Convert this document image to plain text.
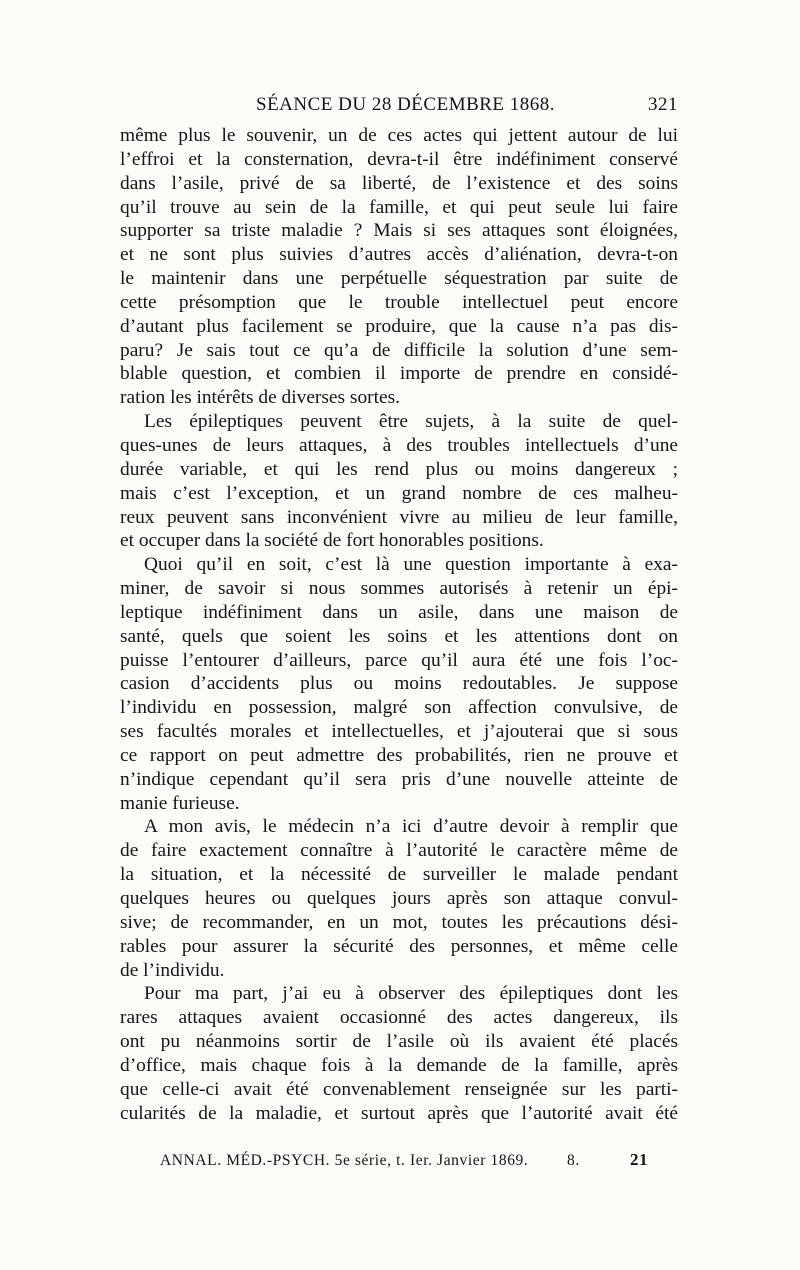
SÉANCE DU 28 DÉCEMBRE 1868.	321
même plus le souvenir, un de ces actes qui jettent autour de lui
l’effroi et la consternation, devra-t-il être indéfiniment conservé
dans l’asile, privé de sa liberté, de l’existence et des soins
qu’il trouve au sein de la famille, et qui peut seule lui faire
supporter sa triste maladie ? Mais si ses attaques sont éloignées,
et ne sont plus suivies d’autres accès d’aliénation, devra-t-on
le maintenir dans une perpétuelle séquestration par suite de
cette présomption que le trouble intellectuel peut encore
d’autant plus facilement se produire, que la cause n’a pas dis-
paru? Je sais tout ce qu’a de difficile la solution d’une sem-
blable question, et combien il importe de prendre en considé-
ration les intérêts de diverses sortes.
Les épileptiques peuvent être sujets, à la suite de quel-
ques-unes de leurs attaques, à des troubles intellectuels d’une
durée variable, et qui les rend plus ou moins dangereux ;
mais c’est l’exception, et un grand nombre de ces malheu-
reux peuvent sans inconvénient vivre au milieu de leur famille,
et occuper dans la société de fort honorables positions.
Quoi qu’il en soit, c’est là une question importante à exa-
miner, de savoir si nous sommes autorisés à retenir un épi-
leptique indéfiniment dans un asile, dans une maison de
santé, quels que soient les soins et les attentions dont on
puisse l’entourer d’ailleurs, parce qu’il aura été une fois l’oc-
casion d’accidents plus ou moins redoutables. Je suppose
l’individu en possession, malgré son affection convulsive, de
ses facultés morales et intellectuelles, et j’ajouterai que si sous
ce rapport on peut admettre des probabilités, rien ne prouve et
n’indique cependant qu’il sera pris d’une nouvelle atteinte de
manie furieuse.
A mon avis, le médecin n’a ici d’autre devoir à remplir que
de faire exactement connaître à l’autorité le caractère même de
la situation, et la nécessité de surveiller le malade pendant
quelques heures ou quelques jours après son attaque convul-
sive; de recommander, en un mot, toutes les précautions dési-
rables pour assurer la sécurité des personnes, et même celle
de l’individu.
Pour ma part, j’ai eu à observer des épileptiques dont les
rares attaques avaient occasionné des actes dangereux, ils
ont pu néanmoins sortir de l’asile où ils avaient été placés
d’office, mais chaque fois à la demande de la famille, après
que celle-ci avait été convenablement renseignée sur les parti-
cularités de la maladie, et surtout après que l’autorité avait été
ANNAL. MÉD.-PSYCH. 5e série, t. Ier. Janvier 1869. 8.	21
